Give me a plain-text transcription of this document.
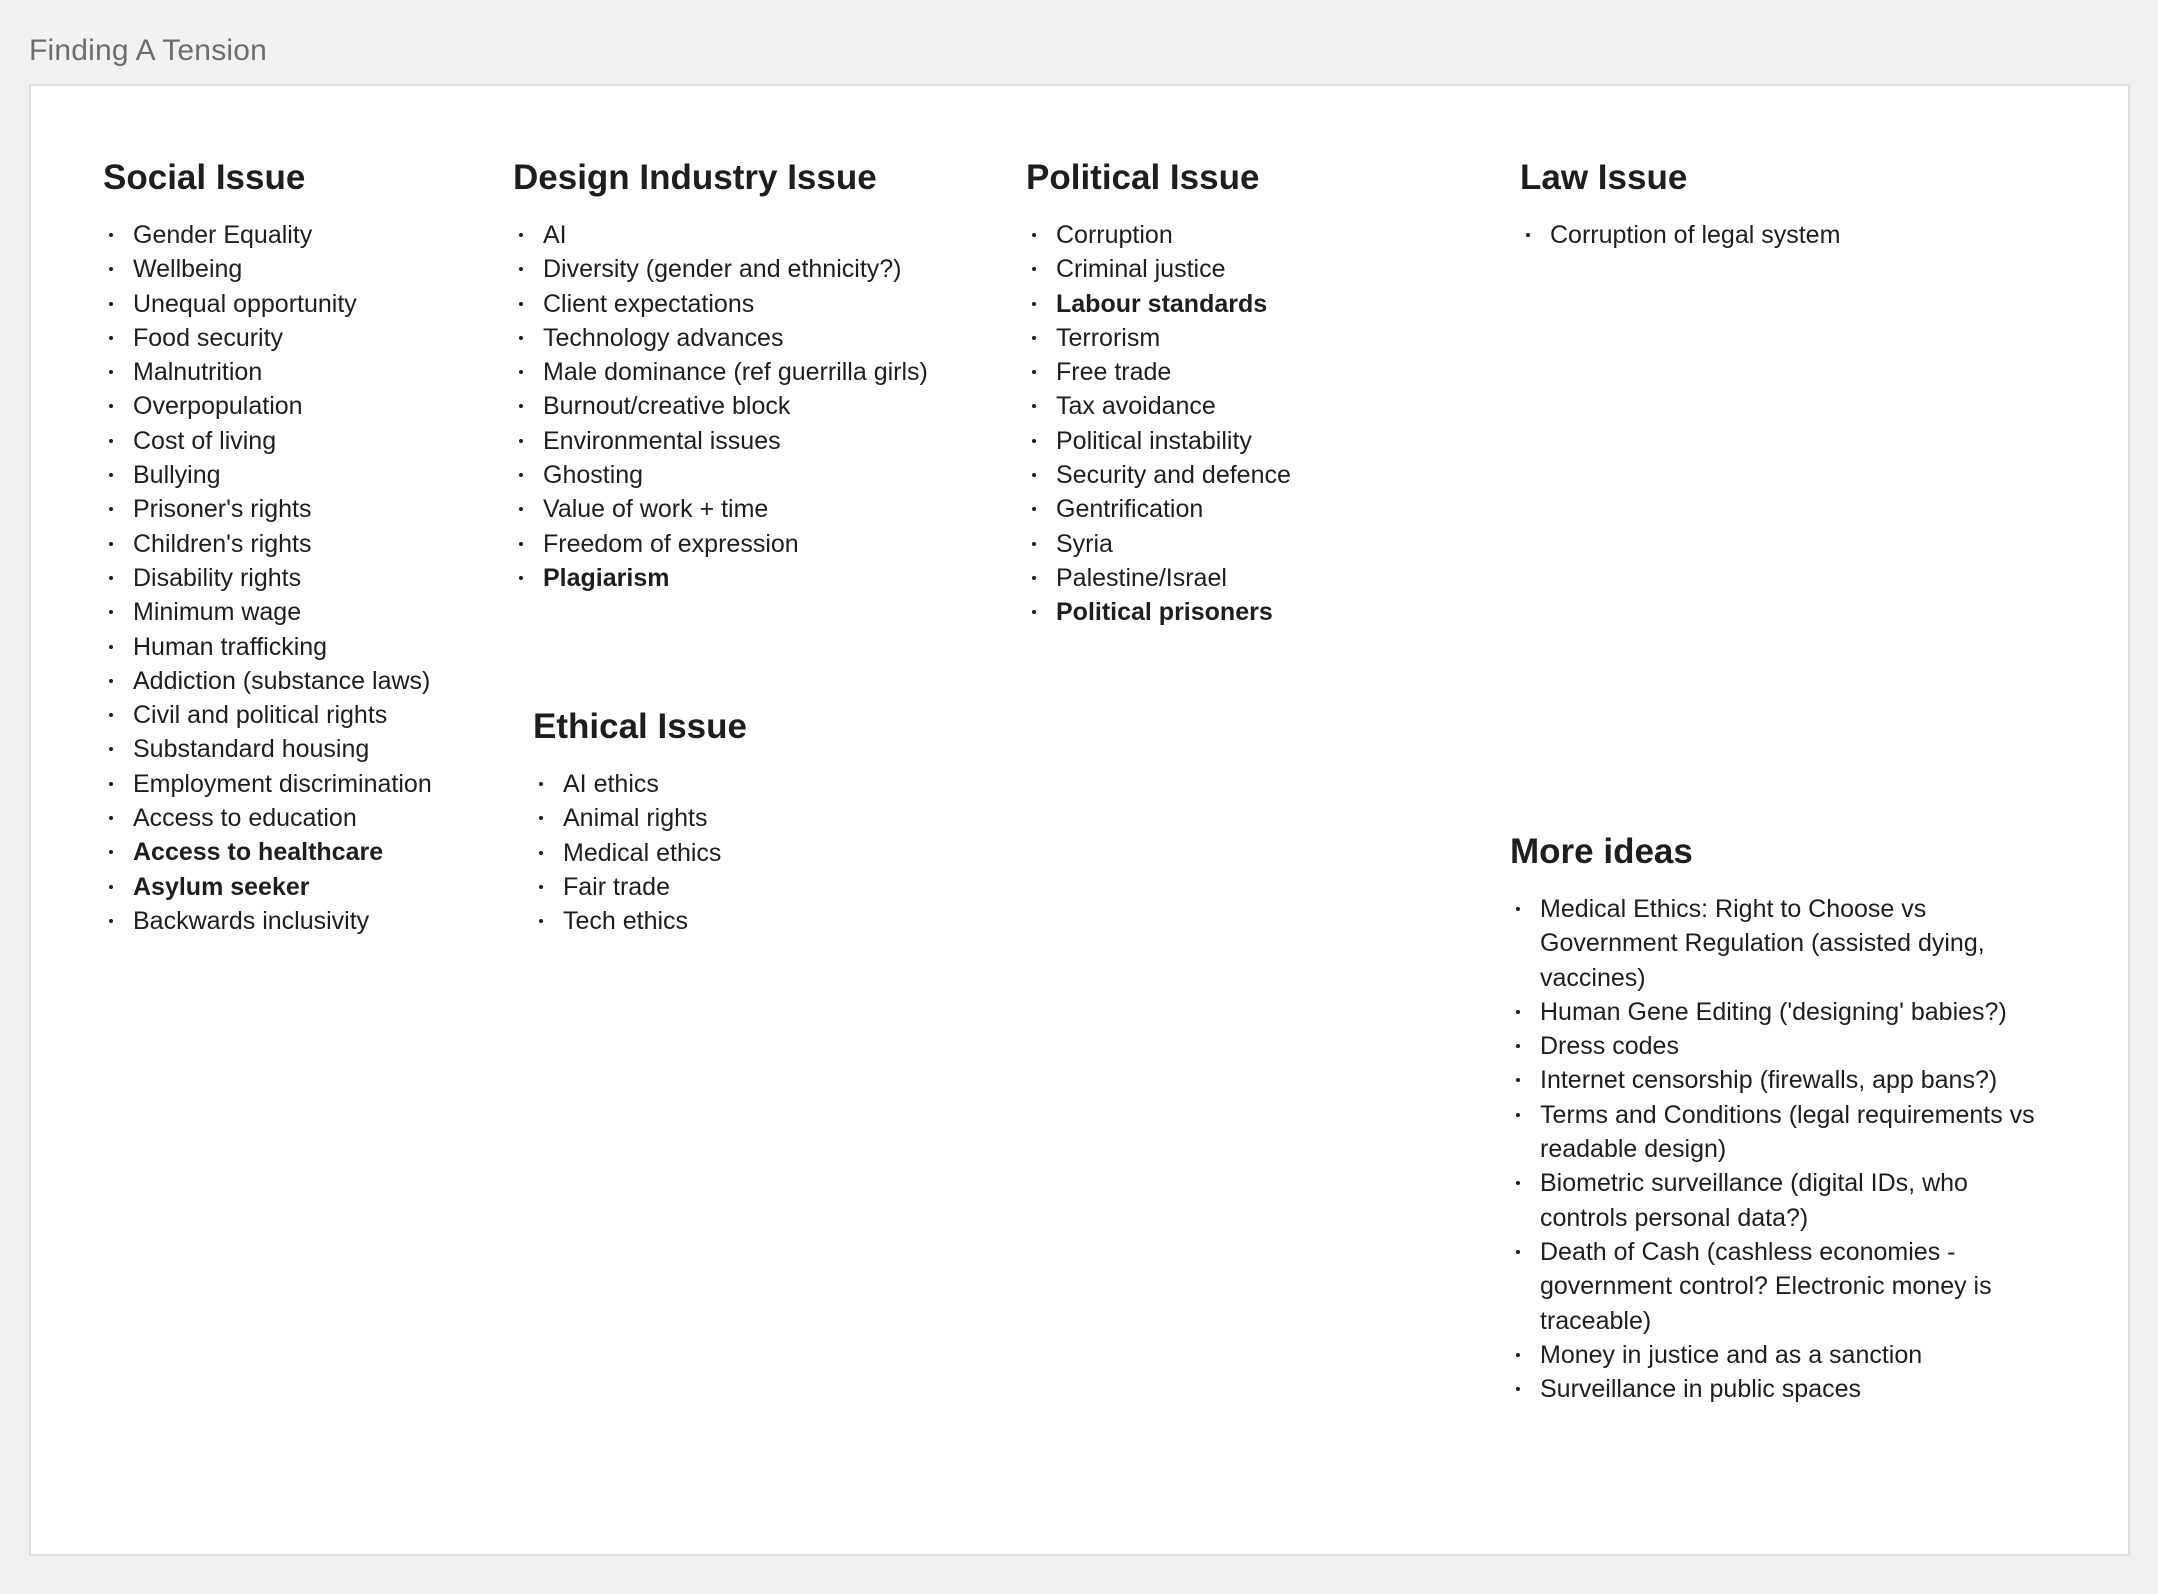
Finding A Tension
Social Issue
Gender Equality
Wellbeing
Unequal opportunity
Food security
Malnutrition
Overpopulation
Cost of living
Bullying
Prisoner's rights
Children's rights
Disability rights
Minimum wage
Human trafficking
Addiction (substance laws)
Civil and political rights
Substandard housing
Employment discrimination
Access to education
Access to healthcare
Asylum seeker
Backwards inclusivity
Design Industry Issue
AI
Diversity (gender and ethnicity?)
Client expectations
Technology advances
Male dominance (ref guerrilla girls)
Burnout/creative block
Environmental issues
Ghosting
Value of work + time
Freedom of expression
Plagiarism
Ethical Issue
AI ethics
Animal rights
Medical ethics
Fair trade
Tech ethics
Political Issue
Corruption
Criminal justice
Labour standards
Terrorism
Free trade
Tax avoidance
Political instability
Security and defence
Gentrification
Syria
Palestine/Israel
Political prisoners
Law Issue
Corruption of legal system
More ideas
Medical Ethics: Right to Choose vs Government Regulation (assisted dying, vaccines)
Human Gene Editing ('designing' babies?)
Dress codes
Internet censorship (firewalls, app bans?)
Terms and Conditions (legal requirements vs readable design)
Biometric surveillance (digital IDs, who controls personal data?)
Death of Cash (cashless economies - government control? Electronic money is traceable)
Money in justice and as a sanction
Surveillance in public spaces
